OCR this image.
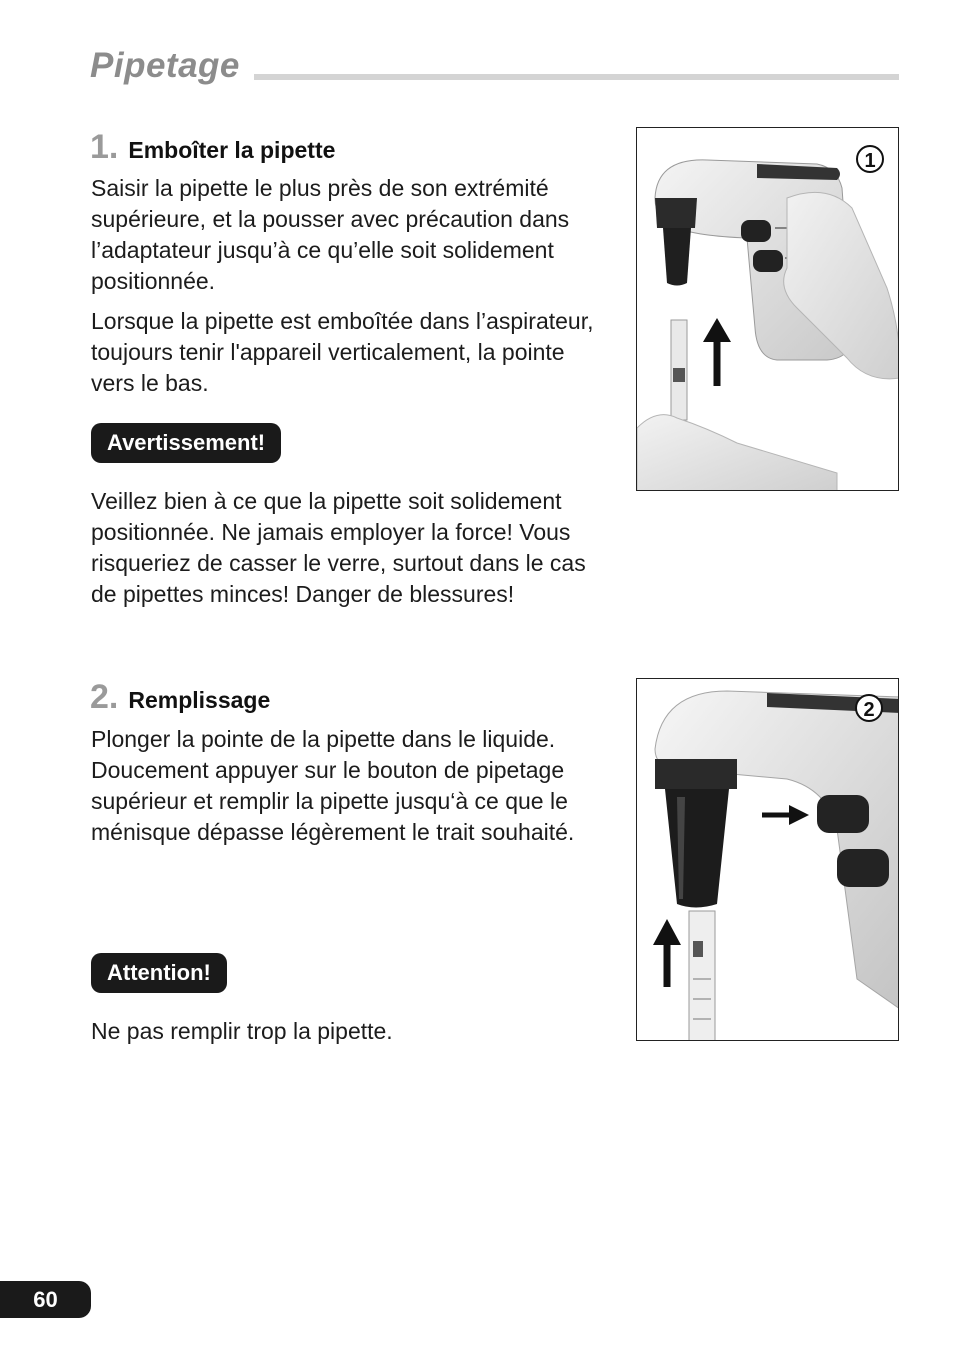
Pipetage
1. Emboîter la pipette

Saisir la pipette le plus près de son extrémité supérieure, et la pousser avec précaution dans l’adaptateur jusqu’à ce qu’elle soit solidement positionnée.

Lorsque la pipette est emboîtée dans l’aspirateur, toujours tenir l'appareil verticalement, la pointe vers le bas.

Avertissement!

Veillez bien à ce que la pipette soit solidement positionnée. Ne jamais employer la force! Vous risqueriez de casser le verre, surtout dans le cas de pipettes minces! Danger de blessures!

1
2. Remplissage

Plonger la pointe de la pipette dans le liquide. Doucement appuyer sur le bouton de pipetage supérieur et remplir la pipette jusqu‘à ce que le ménisque dépasse légèrement le trait souhaité.

Attention!

Ne pas remplir trop la pipette.

2
60
